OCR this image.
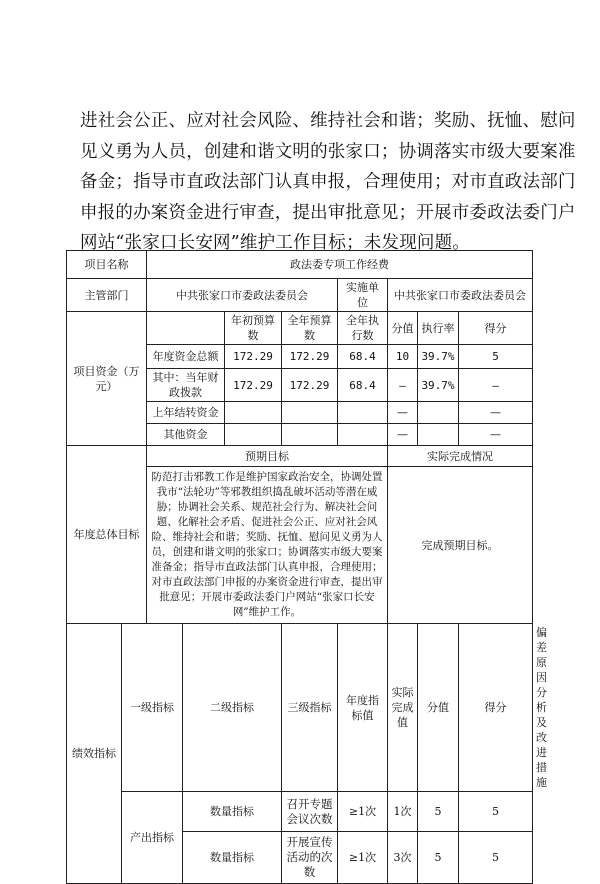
进社会公正、应对社会风险、维持社会和谐；奖励、抚恤、慰问
见义勇为人员，创建和谐文明的张家口；协调落实市级大要案准
备金；指导市直政法部门认真申报，合理使用；对市直政法部门
申报的办案资金进行审查，提出审批意见；开展市委政法委门户
网站“张家口长安网”维护工作目标；未发现问题。
项目名称		政法委专项工作经费								
主管部门		中共张家口市委政法委员会				实施单位	中共张家口市委政法委员会			
项目资金（万元）				年初预算数	全年预算数	全年执行数	分值	执行率	得分	
		年度资金总额		172.29	172.29	68.4	10	39.7%	5	
		其中：当年财政拨款		172.29	172.29	68.4	—	39.7%	—	
		上年结转资金					—		—	
		其他资金					—		—	
年度总体目标		预期目标					实际完成情况			
		防范打击邪教工作是维护国家政治安全，协调处置我市“法轮功”等邪教组织捣乱破坏活动等潜在威胁；协调社会关系、规范社会行为、解决社会问题、化解社会矛盾、促进社会公正、应对社会风险、维持社会和谐；奖励、抚恤、慰问见义勇为人员，创建和谐文明的张家口；协调落实市级大要案准备金；指导市直政法部门认真申报，合理使用；对市直政法部门申报的办案资金进行审查，提出审批意见；开展市委政法委门户网站“张家口长安网”维护工作。					完成预期目标。			
绩效指标	一级指标		二级指标		三级指标	年度指标值	实际完成值	分值	得分	偏差原因分析及改进措施
	产出指标		数量指标		召开专题会议次数	≥1次	1次	5	5	
			数量指标		开展宣传活动的次数	≥1次	3次	5	5	
